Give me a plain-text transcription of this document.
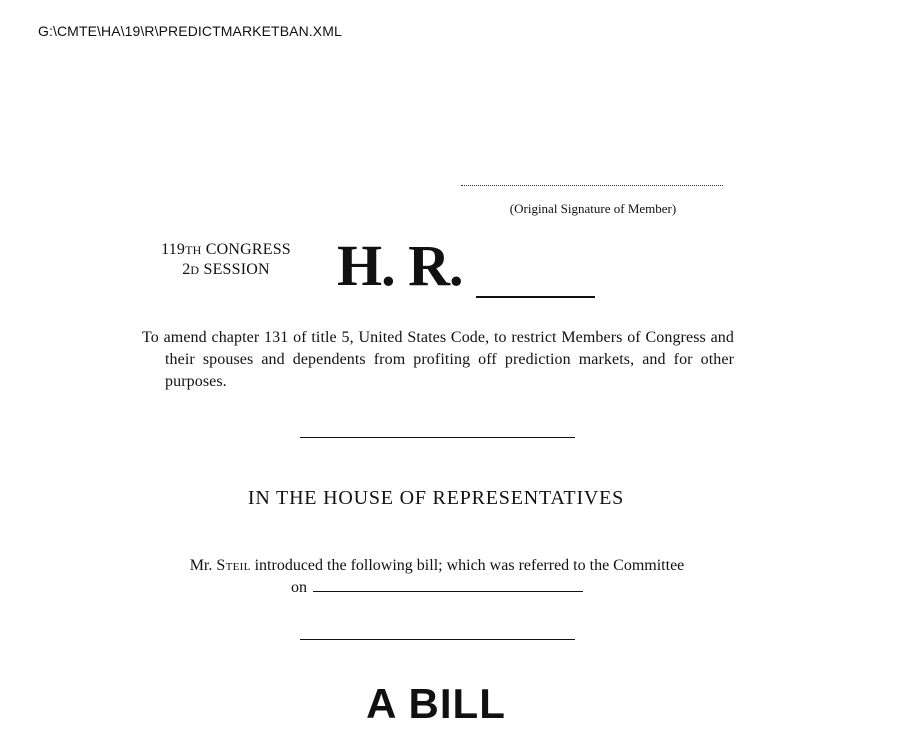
G:\CMTE\HA\19\R\PREDICTMARKETBAN.XML
(Original Signature of Member)
119TH CONGRESS
2D SESSION	H. R.
To amend chapter 131 of title 5, United States Code, to restrict Members of Congress and their spouses and dependents from profiting off prediction markets, and for other purposes.
IN THE HOUSE OF REPRESENTATIVES
Mr. Steil introduced the following bill; which was referred to the Committee
on
A BILL
